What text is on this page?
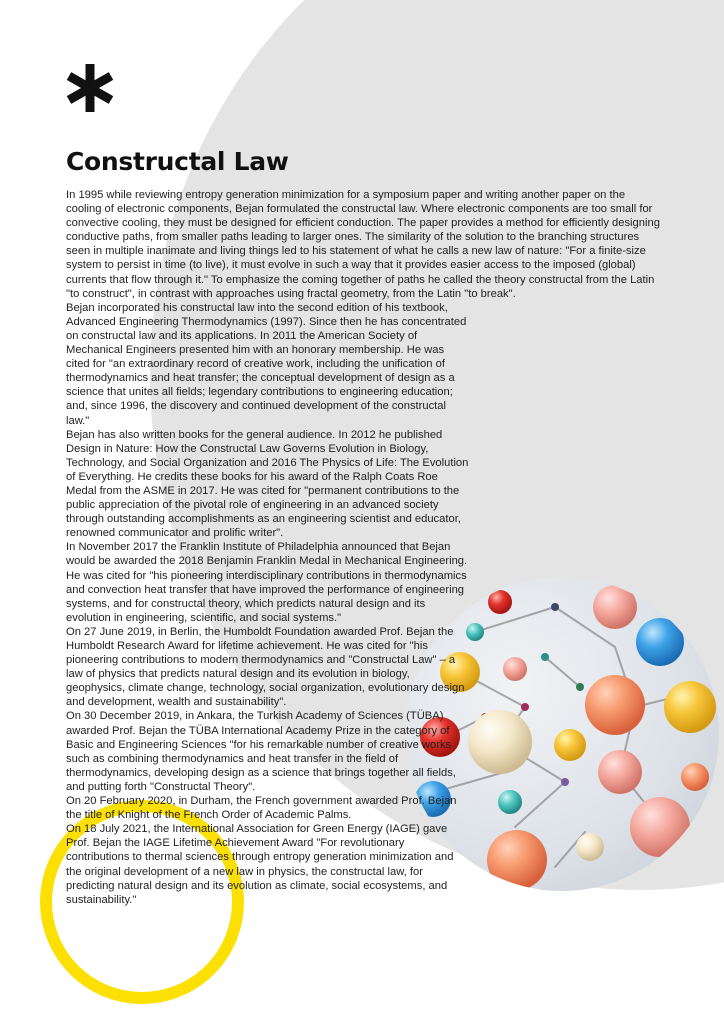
Constructal Law

In 1995 while reviewing entropy generation minimization for a symposium paper and writing another paper on the cooling of electronic components, Bejan formulated the constructal law. Where electronic components are too small for convective cooling, they must be designed for efficient conduction. The paper provides a method for efficiently designing conductive paths, from smaller paths leading to larger ones. The similarity of the solution to the branching structures seen in multiple inanimate and living things led to his statement of what he calls a new law of nature: "For a finite-size system to persist in time (to live), it must evolve in such a way that it provides easier access to the imposed (global) currents that flow through it." To emphasize the coming together of paths he called the theory constructal from the Latin "to construct", in contrast with approaches using fractal geometry, from the Latin "to break".

Bejan incorporated his constructal law into the second edition of his textbook, Advanced Engineering Thermodynamics (1997). Since then he has concentrated on constructal law and its applications. In 2011 the American Society of Mechanical Engineers presented him with an honorary membership. He was cited for "an extraordinary record of creative work, including the unification of thermodynamics and heat transfer; the conceptual development of design as a science that unites all fields; legendary contributions to engineering education; and, since 1996, the discovery and continued development of the constructal law."

Bejan has also written books for the general audience. In 2012 he published Design in Nature: How the Constructal Law Governs Evolution in Biology, Technology, and Social Organization and 2016 The Physics of Life: The Evolution of Everything. He credits these books for his award of the Ralph Coats Roe Medal from the ASME in 2017. He was cited for "permanent contributions to the public appreciation of the pivotal role of engineering in an advanced society through outstanding accomplishments as an engineering scientist and educator, renowned communicator and prolific writer".

In November 2017 the Franklin Institute of Philadelphia announced that Bejan would be awarded the 2018 Benjamin Franklin Medal in Mechanical Engineering. He was cited for "his pioneering interdisciplinary contributions in thermodynamics and convection heat transfer that have improved the performance of engineering systems, and for constructal theory, which predicts natural design and its evolution in engineering, scientific, and social systems."

On 27 June 2019, in Berlin, the Humboldt Foundation awarded Prof. Bejan the Humboldt Research Award for lifetime achievement. He was cited for "his pioneering contributions to modern thermodynamics and "Constructal Law" – a law of physics that predicts natural design and its evolution in biology, geophysics, climate change, technology, social organization, evolutionary design and development, wealth and sustainability".

On 30 December 2019, in Ankara, the Turkish Academy of Sciences (TÜBA) awarded Prof. Bejan the TÜBA International Academy Prize in the category of Basic and Engineering Sciences "for his remarkable number of creative works such as combining thermodynamics and heat transfer in the field of thermodynamics, developing design as a science that brings together all fields, and putting forth "Constructal Theory".

On 20 February 2020, in Durham, the French government awarded Prof. Bejan the title of Knight of the French Order of Academic Palms.

On 18 July 2021, the International Association for Green Energy (IAGE) gave Prof. Bejan the IAGE Lifetime Achievement Award "For revolutionary contributions to thermal sciences through entropy generation minimization and the original development of a new law in physics, the constructal law, for predicting natural design and its evolution as climate, social ecosystems, and sustainability."
